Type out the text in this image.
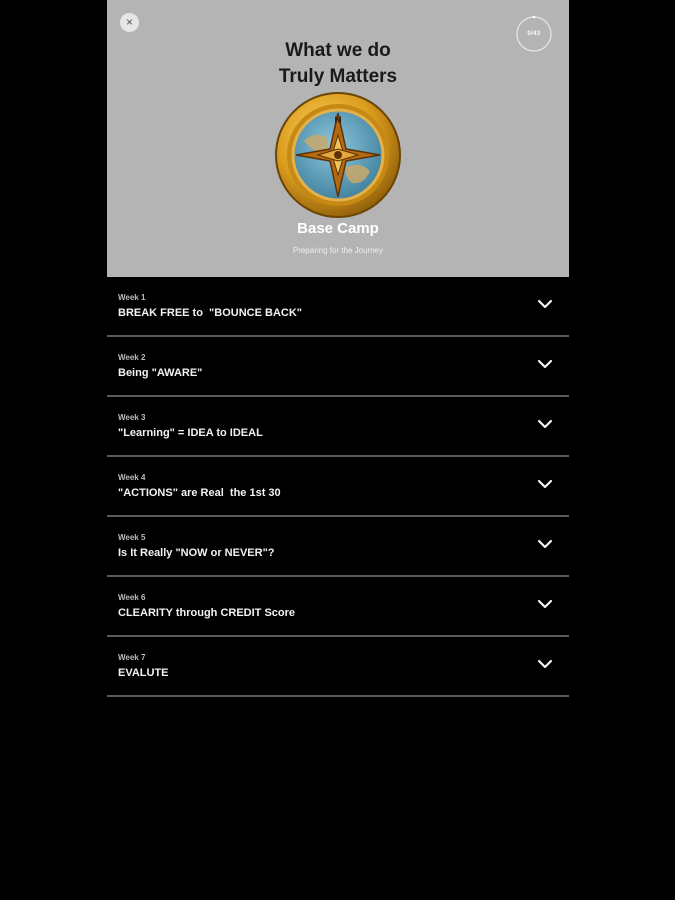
×
0/43
What we do
Truly Matters
N
Base Camp
Preparing for the Journey
Week 1
BREAK FREE to  "BOUNCE BACK"
Week 2
Being "AWARE"
Week 3
"Learning" = IDEA to IDEAL
Week 4
"ACTIONS" are Real  the 1st 30
Week 5
Is It Really "NOW or NEVER"?
Week 6
CLEARITY through CREDIT Score
Week 7
EVALUTE
